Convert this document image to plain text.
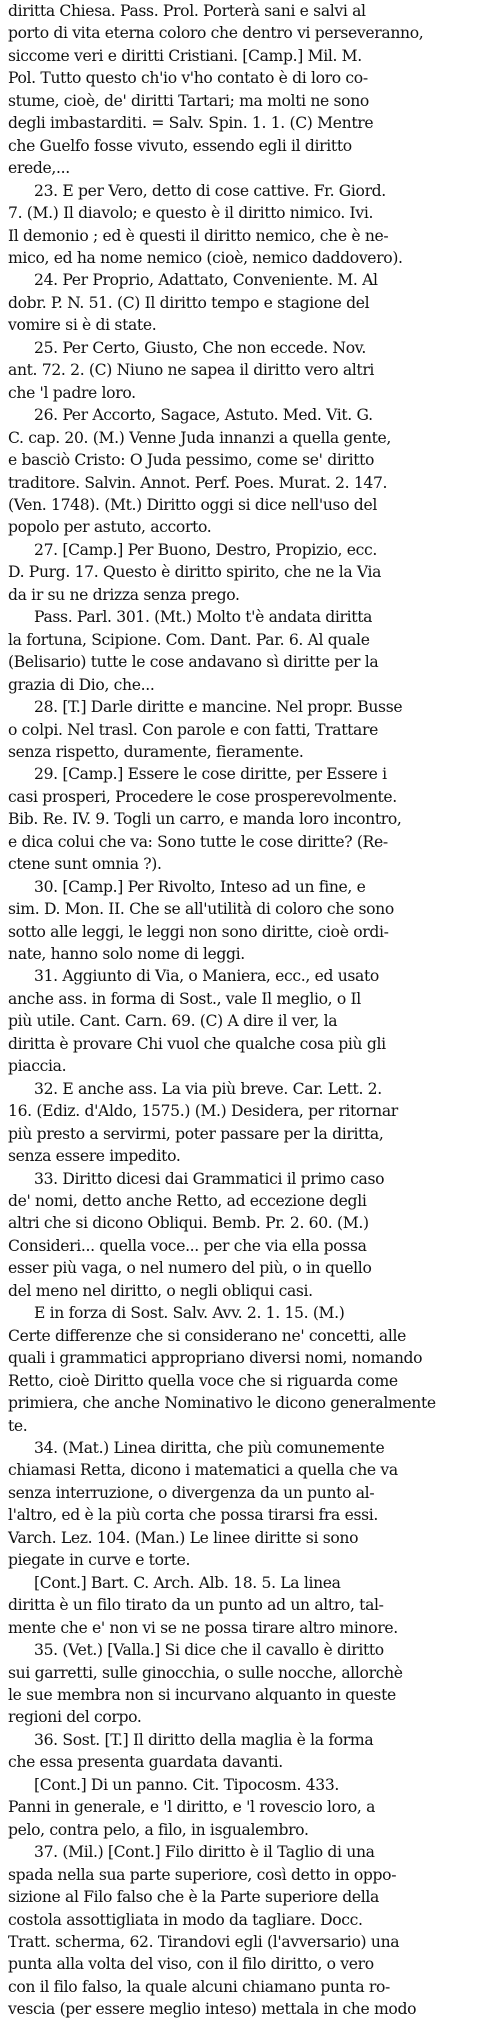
diritta Chiesa. Pass. Prol. Porterà sani e salvi al
porto di vita eterna coloro che dentro vi perseveranno,
siccome veri e diritti Cristiani. [Camp.] Mil. M.
Pol. Tutto questo ch'io v'ho contato è di loro co-
stume, cioè, de' diritti Tartari; ma molti ne sono
degli imbastarditi. = Salv. Spin. 1. 1. (C) Mentre
che Guelfo fosse vivuto, essendo egli il diritto
erede,...
23. E per Vero, detto di cose cattive. Fr. Giord.
7. (M.) Il diavolo; e questo è il diritto nimico. Ivi.
Il demonio ; ed è questi il diritto nemico, che è ne-
mico, ed ha nome nemico (cioè, nemico daddovero).
24. Per Proprio, Adattato, Conveniente. M. Al
dobr. P. N. 51. (C) Il diritto tempo e stagione del
vomire si è di state.
25. Per Certo, Giusto, Che non eccede. Nov.
ant. 72. 2. (C) Niuno ne sapea il diritto vero altri
che 'l padre loro.
26. Per Accorto, Sagace, Astuto. Med. Vit. G.
C. cap. 20. (M.) Venne Juda innanzi a quella gente,
e basciò Cristo: O Juda pessimo, come se' diritto
traditore. Salvin. Annot. Perf. Poes. Murat. 2. 147.
(Ven. 1748). (Mt.) Diritto oggi si dice nell'uso del
popolo per astuto, accorto.
27. [Camp.] Per Buono, Destro, Propizio, ecc.
D. Purg. 17. Questo è diritto spirito, che ne la Via
da ir su ne drizza senza prego.
Pass. Parl. 301. (Mt.) Molto t'è andata diritta
la fortuna, Scipione. Com. Dant. Par. 6. Al quale
(Belisario) tutte le cose andavano sì diritte per la
grazia di Dio, che...
28. [T.] Darle diritte e mancine. Nel propr. Busse
o colpi. Nel trasl. Con parole e con fatti, Trattare
senza rispetto, duramente, fieramente.
29. [Camp.] Essere le cose diritte, per Essere i
casi prosperi, Procedere le cose prosperevolmente.
Bib. Re. IV. 9. Togli un carro, e manda loro incontro,
e dica colui che va: Sono tutte le cose diritte? (Re-
ctene sunt omnia ?).
30. [Camp.] Per Rivolto, Inteso ad un fine, e
sim. D. Mon. II. Che se all'utilità di coloro che sono
sotto alle leggi, le leggi non sono diritte, cioè ordi-
nate, hanno solo nome di leggi.
31. Aggiunto di Via, o Maniera, ecc., ed usato
anche ass. in forma di Sost., vale Il meglio, o Il
più utile. Cant. Carn. 69. (C) A dire il ver, la
diritta è provare Chi vuol che qualche cosa più gli
piaccia.
32. E anche ass. La via più breve. Car. Lett. 2.
16. (Ediz. d'Aldo, 1575.) (M.) Desidera, per ritornar
più presto a servirmi, poter passare per la diritta,
senza essere impedito.
33. Diritto dicesi dai Grammatici il primo caso
de' nomi, detto anche Retto, ad eccezione degli
altri che si dicono Obliqui. Bemb. Pr. 2. 60. (M.)
Consideri... quella voce... per che via ella possa
esser più vaga, o nel numero del più, o in quello
del meno nel diritto, o negli obliqui casi.
E in forza di Sost. Salv. Avv. 2. 1. 15. (M.)
Certe differenze che si considerano ne' concetti, alle
quali i grammatici appropriano diversi nomi, nomando
Retto, cioè Diritto quella voce che si riguarda come
primiera, che anche Nominativo le dicono generalmente
te.
34. (Mat.) Linea diritta, che più comunemente
chiamasi Retta, dicono i matematici a quella che va
senza interruzione, o divergenza da un punto al-
l'altro, ed è la più corta che possa tirarsi fra essi.
Varch. Lez. 104. (Man.) Le linee diritte si sono
piegate in curve e torte.
[Cont.] Bart. C. Arch. Alb. 18. 5. La linea
diritta è un filo tirato da un punto ad un altro, tal-
mente che e' non vi se ne possa tirare altro minore.
35. (Vet.) [Valla.] Si dice che il cavallo è diritto
sui garretti, sulle ginocchia, o sulle nocche, allorchè
le sue membra non si incurvano alquanto in queste
regioni del corpo.
36. Sost. [T.] Il diritto della maglia è la forma
che essa presenta guardata davanti.
[Cont.] Di un panno. Cit. Tipocosm. 433.
Panni in generale, e 'l diritto, e 'l rovescio loro, a
pelo, contra pelo, a filo, in isgualembro.
37. (Mil.) [Cont.] Filo diritto è il Taglio di una
spada nella sua parte superiore, così detto in oppo-
sizione al Filo falso che è la Parte superiore della
costola assottigliata in modo da tagliare. Docc.
Tratt. scherma, 62. Tirandovi egli (l'avversario) una
punta alla volta del viso, con il filo diritto, o vero
con il filo falso, la quale alcuni chiamano punta ro-
vescia (per essere meglio inteso) mettala in che modo
